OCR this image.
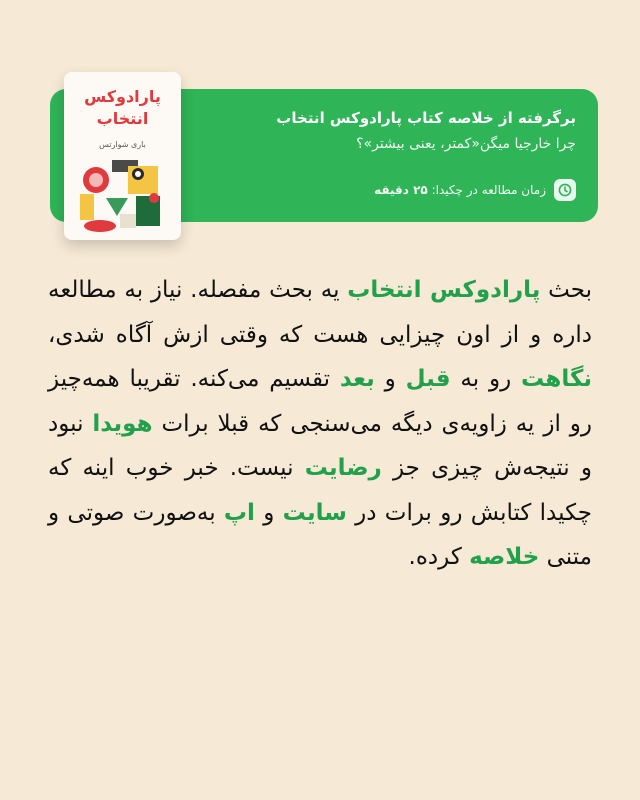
برگرفته از خلاصه کتاب پارادوکس انتخاب
چرا خارجیا میگن«کمتر، یعنی بیشتر»؟
زمان مطالعه در چکیدا: ۲۵ دقیقه
پارادوکس
انتخاب
باری شوارتس
بحث پارادوکس انتخاب یه بحث مفصله. نیاز به مطالعه داره و از اون چیزایی هست که وقتی ازش آگاه شدی، نگاهت رو به قبل و بعد تقسیم می‌کنه. تقریبا همه‌چیز رو از یه زاویه‌ی دیگه می‌سنجی که قبلا برات هویدا نبود و نتیجه‌ش چیزی جز رضایت نیست. خبر خوب اینه که چکیدا کتابش رو برات در سایت و اپ به‌صورت صوتی و متنی خلاصه کرده.
